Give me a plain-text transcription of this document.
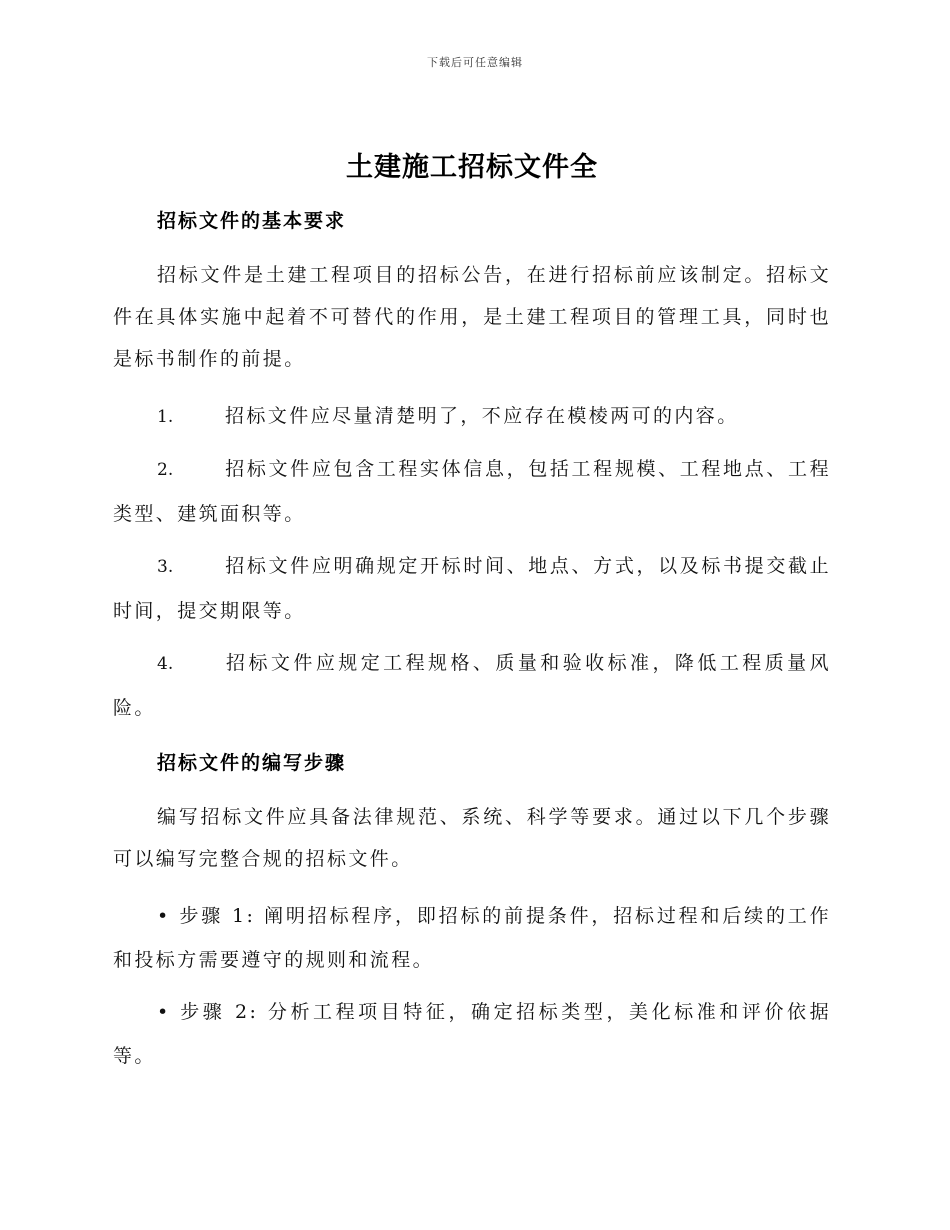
下载后可任意编辑
土建施工招标文件全
招标文件的基本要求

招标文件是土建工程项目的招标公告，在进行招标前应该制定。招标文件在具体实施中起着不可替代的作用，是土建工程项目的管理工具，同时也是标书制作的前提。

1.	招标文件应尽量清楚明了，不应存在模棱两可的内容。

2.	招标文件应包含工程实体信息，包括工程规模、工程地点、工程类型、建筑面积等。

3.	招标文件应明确规定开标时间、地点、方式，以及标书提交截止时间，提交期限等。

4.	招标文件应规定工程规格、质量和验收标准，降低工程质量风险。

招标文件的编写步骤

编写招标文件应具备法律规范、系统、科学等要求。通过以下几个步骤可以编写完整合规的招标文件。

• 步骤 1: 阐明招标程序，即招标的前提条件，招标过程和后续的工作和投标方需要遵守的规则和流程。

• 步骤 2: 分析工程项目特征，确定招标类型，美化标准和评价依据等。
